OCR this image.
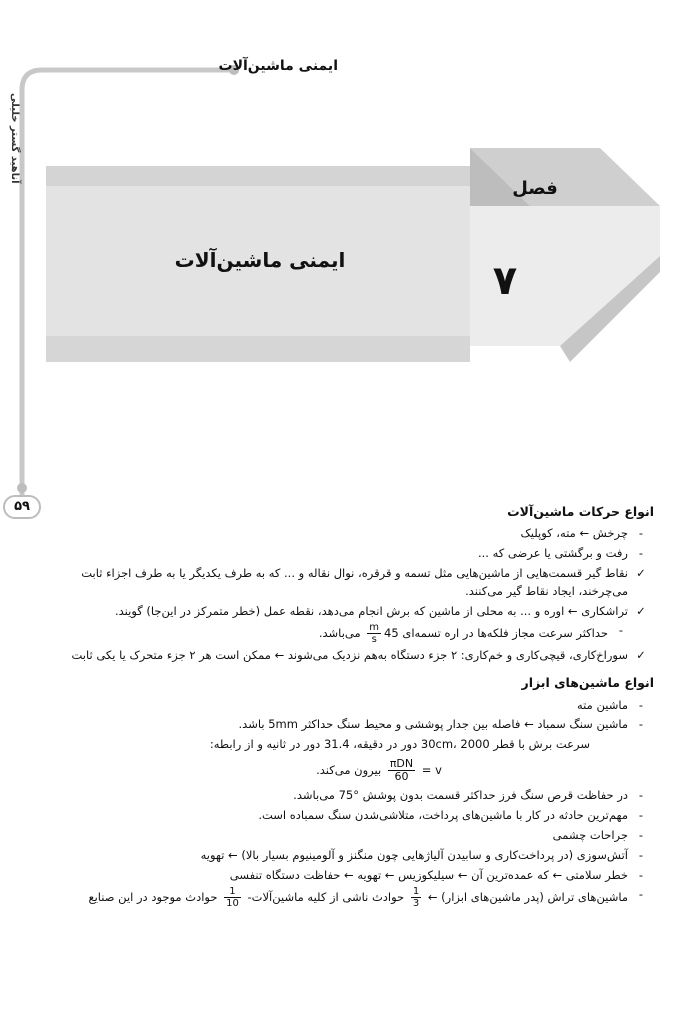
ایمنی ماشین‌آلات
آناهید گستر خلیلی
۵۹
فصل
۷
ایمنی ماشین‌آلات
انواع حرکات ماشین‌آلات
-
چرخش ← مته، کوپلیک
-
رفت و برگشتی یا عرضی که ...
✓
نقاط گیر قسمت‌هایی از ماشین‌هایی مثل تسمه و قرقره، نوال نقاله و ... که به طرف یکدیگر یا به طرف اجزاء ثابت می‌چرخند، ایجاد نقاط گیر می‌کنند.
✓
تراشکاری ← اوره و ... به محلی از ماشین که برش انجام می‌دهد، نقطه عمل (خطر متمرکز در این‌جا) گویند.
-
حداکثر سرعت مجاز فلکه‌ها در اره تسمه‌ای 45
$\frac{m}{s}$
می‌باشد.
✓
سوراخ‌کاری، قیچی‌کاری و خم‌کاری: ۲ جزء دستگاه به‌هم نزدیک می‌شوند ← ممکن است هر ۲ جزء متحرک یا یکی ثابت
انواع ماشین‌های ابزار
-
ماشین مته
-
ماشین سنگ سمباد ← فاصله بین جدار پوششی و محیط سنگ حداکثر 5mm باشد.
سرعت برش با قطر 30cm، 2000 دور در دقیقه، 31.4 دور در ثانیه و از رابطه:
v =
$\frac{\text{πDN}}{60}$
بیرون می‌کند.
-
در حفاظت قرص سنگ فرز حداکثر قسمت بدون پوشش °75 می‌باشد.
-
مهم‌ترین حادثه در کار با ماشین‌های پرداخت، متلاشی‌شدن سنگ سمباده است.
-
جراحات چشمی
-
آتش‌سوزی (در پرداخت‌کاری و سابیدن آلیاژهایی چون منگنز و آلومینیوم بسیار بالا) ← تهویه
-
خطر سلامتی ← که عمده‌ترین آن ← سیلیکوزیس ← تهویه ← حفاظت دستگاه تنفسی
-
ماشین‌های تراش (پدر ماشین‌های ابزار) ←
$\frac{1}{3}$
حوادث ناشی از کلیه ماشین‌آلات-
$\frac{1}{10}$
حوادث موجود در این صنایع
